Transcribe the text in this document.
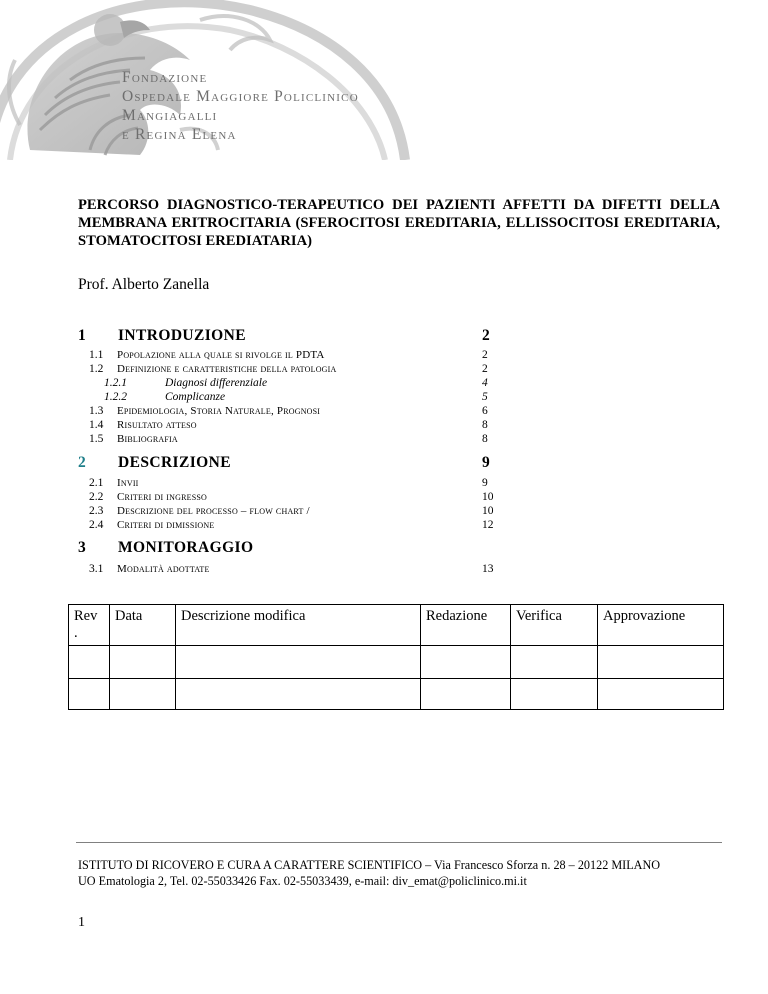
Fondazione
Ospedale Maggiore Policlinico
Mangiagalli
e Regina Elena
PERCORSO DIAGNOSTICO-TERAPEUTICO DEI PAZIENTI AFFETTI DA DIFETTI DELLA MEMBRANA ERITROCITARIA (SFEROCITOSI EREDITARIA, ELLISSOCITOSI EREDITARIA, STOMATOCITOSI EREDIATARIA)
Prof. Alberto Zanella
1 INTRODUZIONE	2
1.1 Popolazione alla quale si rivolge il PDTA	2
1.2 Definizione e caratteristiche della patologia	2
1.2.1	Diagnosi differenziale	4
1.2.2	Complicanze	5
1.3 Epidemiologia, Storia Naturale, Prognosi	6
1.4 Risultato atteso	8
1.5 Bibliografia	8
2 DESCRIZIONE	9
2.1 Invii	9
2.2 Criteri di ingresso	10
2.3 Descrizione del processo – flow chart /	10
2.4 Criteri di dimissione	12
3 MONITORAGGIO
3.1 Modalità adottate	13
Rev .	Data	Descrizione modifica	Redazione	Verifica	Approvazione

ISTITUTO DI RICOVERO E CURA A CARATTERE SCIENTIFICO – Via Francesco Sforza n. 28 – 20122 MILANO
UO Ematologia 2, Tel. 02-55033426 Fax. 02-55033439, e-mail: div_emat@policlinico.mi.it
1
